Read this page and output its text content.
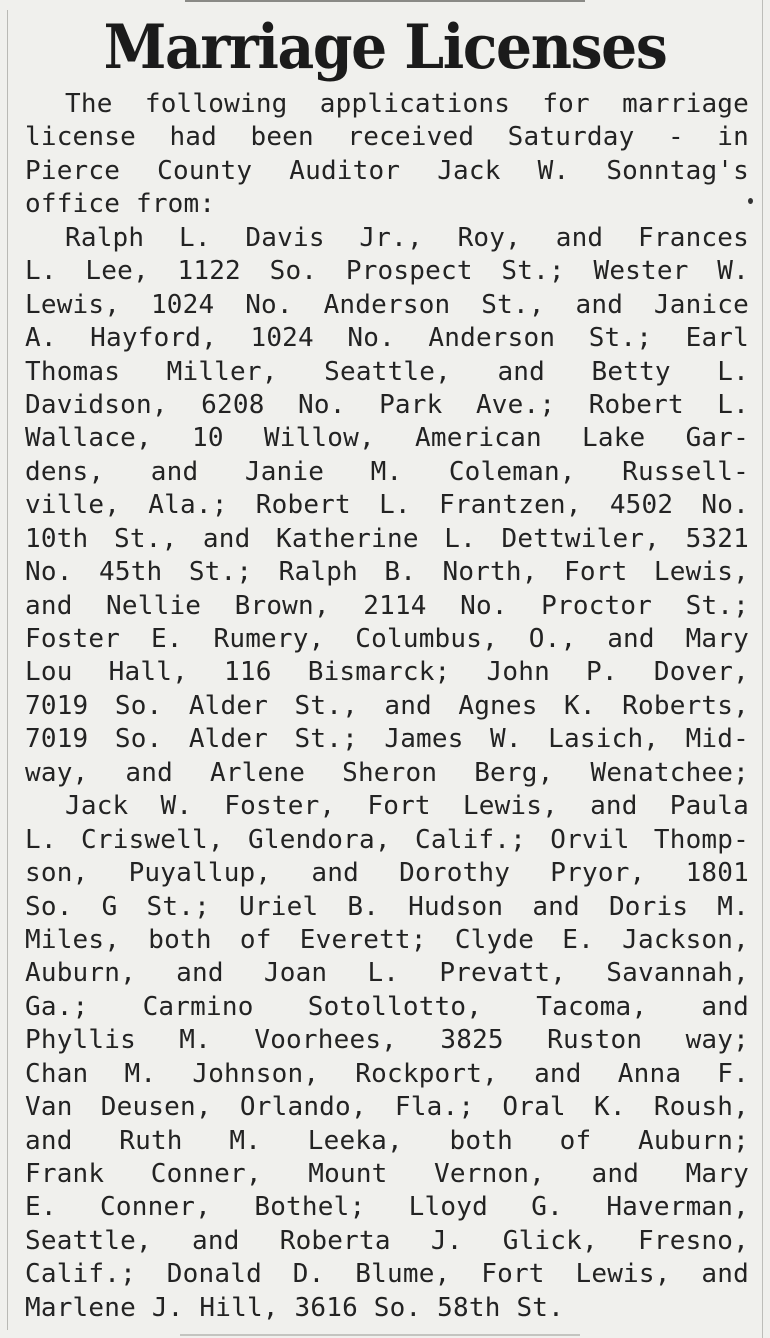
Marriage Licenses
The following applications for marriage
license had been received Saturday - in
Pierce County Auditor Jack W. Sonntag's
office from:
Ralph L. Davis Jr., Roy, and Frances
L. Lee, 1122 So. Prospect St.; Wester W.
Lewis, 1024 No. Anderson St., and Janice
A. Hayford, 1024 No. Anderson St.; Earl
Thomas Miller, Seattle, and Betty L.
Davidson, 6208 No. Park Ave.; Robert L.
Wallace, 10 Willow, American Lake Gar-
dens, and Janie M. Coleman, Russell-
ville, Ala.; Robert L. Frantzen, 4502 No.
10th St., and Katherine L. Dettwiler, 5321
No. 45th St.; Ralph B. North, Fort Lewis,
and Nellie Brown, 2114 No. Proctor St.;
Foster E. Rumery, Columbus, O., and Mary
Lou Hall, 116 Bismarck; John P. Dover,
7019 So. Alder St., and Agnes K. Roberts,
7019 So. Alder St.; James W. Lasich, Mid-
way, and Arlene Sheron Berg, Wenatchee;
Jack W. Foster, Fort Lewis, and Paula
L. Criswell, Glendora, Calif.; Orvil Thomp-
son, Puyallup, and Dorothy Pryor, 1801
So. G St.; Uriel B. Hudson and Doris M.
Miles, both of Everett; Clyde E. Jackson,
Auburn, and Joan L. Prevatt, Savannah,
Ga.; Carmino Sotollotto, Tacoma, and
Phyllis M. Voorhees, 3825 Ruston way;
Chan M. Johnson, Rockport, and Anna F.
Van Deusen, Orlando, Fla.; Oral K. Roush,
and Ruth M. Leeka, both of Auburn;
Frank Conner, Mount Vernon, and Mary
E. Conner, Bothel; Lloyd G. Haverman,
Seattle, and Roberta J. Glick, Fresno,
Calif.; Donald D. Blume, Fort Lewis, and
Marlene J. Hill, 3616 So. 58th St.
